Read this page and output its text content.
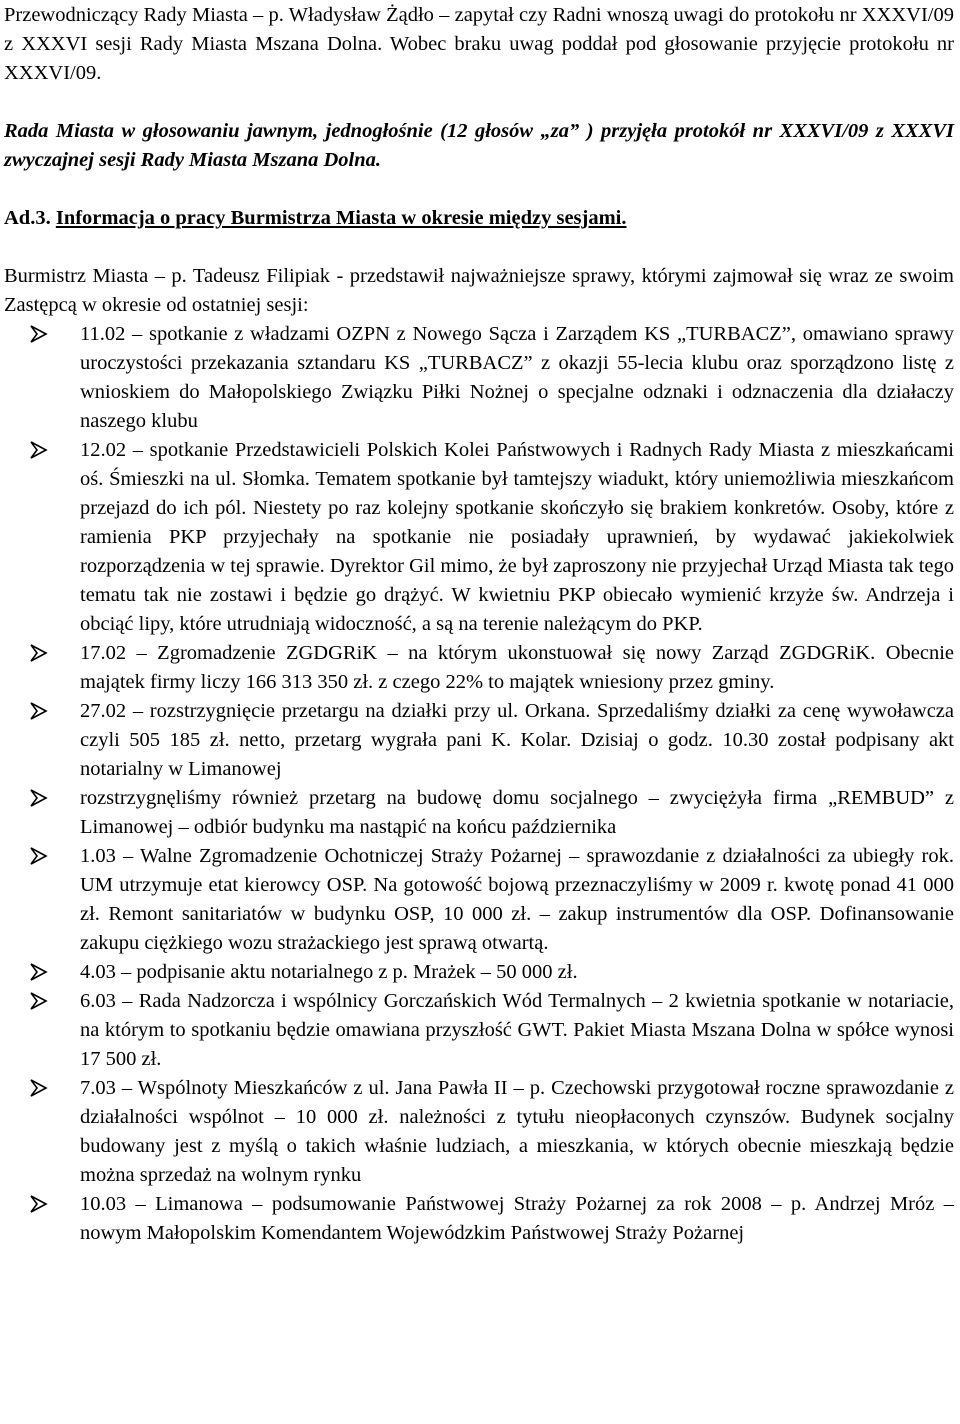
Przewodniczący Rady Miasta – p. Władysław Żądło – zapytał czy Radni wnoszą uwagi do protokołu nr XXXVI/09 z XXXVI sesji Rady Miasta Mszana Dolna. Wobec braku uwag poddał pod głosowanie przyjęcie protokołu nr XXXVI/09.

Rada Miasta w głosowaniu jawnym, jednogłośnie (12 głosów „za” ) przyjęła protokół nr XXXVI/09 z XXXVI zwyczajnej sesji Rady Miasta Mszana Dolna.

Ad.3. Informacja o pracy Burmistrza Miasta w okresie między sesjami.

Burmistrz Miasta – p. Tadeusz Filipiak - przedstawił najważniejsze sprawy, którymi zajmował się wraz ze swoim Zastępcą w okresie od ostatniej sesji:

11.02 – spotkanie z władzami OZPN z Nowego Sącza i Zarządem KS „TURBACZ”, omawiano sprawy uroczystości przekazania sztandaru KS „TURBACZ” z okazji 55-lecia klubu oraz sporządzono listę z wnioskiem do Małopolskiego Związku Piłki Nożnej o specjalne odznaki i odznaczenia dla działaczy naszego klubu
12.02 – spotkanie Przedstawicieli Polskich Kolei Państwowych i Radnych Rady Miasta z mieszkańcami oś. Śmieszki na ul. Słomka. Tematem spotkanie był tamtejszy wiadukt, który uniemożliwia mieszkańcom przejazd do ich pól. Niestety po raz kolejny spotkanie skończyło się brakiem konkretów. Osoby, które z ramienia PKP przyjechały na spotkanie nie posiadały uprawnień, by wydawać jakiekolwiek rozporządzenia w tej sprawie. Dyrektor Gil mimo, że był zaproszony nie przyjechał Urząd Miasta tak tego tematu tak nie zostawi i będzie go drążyć. W kwietniu PKP obiecało wymienić krzyże św. Andrzeja i obciąć lipy, które utrudniają widoczność, a są na terenie należącym do PKP.
17.02 – Zgromadzenie ZGDGRiK – na którym ukonstuował się nowy Zarząd ZGDGRiK. Obecnie majątek firmy liczy 166 313 350 zł. z czego 22% to majątek wniesiony przez gminy.
27.02 – rozstrzygnięcie przetargu na działki przy ul. Orkana. Sprzedaliśmy działki za cenę wywoławcza czyli 505 185 zł. netto, przetarg wygrała pani K. Kolar. Dzisiaj o godz. 10.30 został podpisany akt notarialny w Limanowej
rozstrzygnęliśmy również przetarg na budowę domu socjalnego – zwyciężyła firma „REMBUD” z Limanowej – odbiór budynku ma nastąpić na końcu października
1.03 – Walne Zgromadzenie Ochotniczej Straży Pożarnej – sprawozdanie z działalności za ubiegły rok. UM utrzymuje etat kierowcy OSP. Na gotowość bojową przeznaczyliśmy w 2009 r. kwotę ponad 41 000 zł. Remont sanitariatów w budynku OSP, 10 000 zł. – zakup instrumentów dla OSP. Dofinansowanie zakupu ciężkiego wozu strażackiego jest sprawą otwartą.
4.03 – podpisanie aktu notarialnego z p. Mrażek – 50 000 zł.
6.03 – Rada Nadzorcza i wspólnicy Gorczańskich Wód Termalnych – 2 kwietnia spotkanie w notariacie, na którym to spotkaniu będzie omawiana przyszłość GWT. Pakiet Miasta Mszana Dolna w spółce wynosi 17 500 zł.
7.03 – Wspólnoty Mieszkańców z ul. Jana Pawła II – p. Czechowski przygotował roczne sprawozdanie z działalności wspólnot – 10 000 zł. należności z tytułu nieopłaconych czynszów. Budynek socjalny budowany jest z myślą o takich właśnie ludziach, a mieszkania, w których obecnie mieszkają będzie można sprzedaż na wolnym rynku
10.03 – Limanowa – podsumowanie Państwowej Straży Pożarnej za rok 2008 – p. Andrzej Mróz – nowym Małopolskim Komendantem Wojewódzkim Państwowej Straży Pożarnej
